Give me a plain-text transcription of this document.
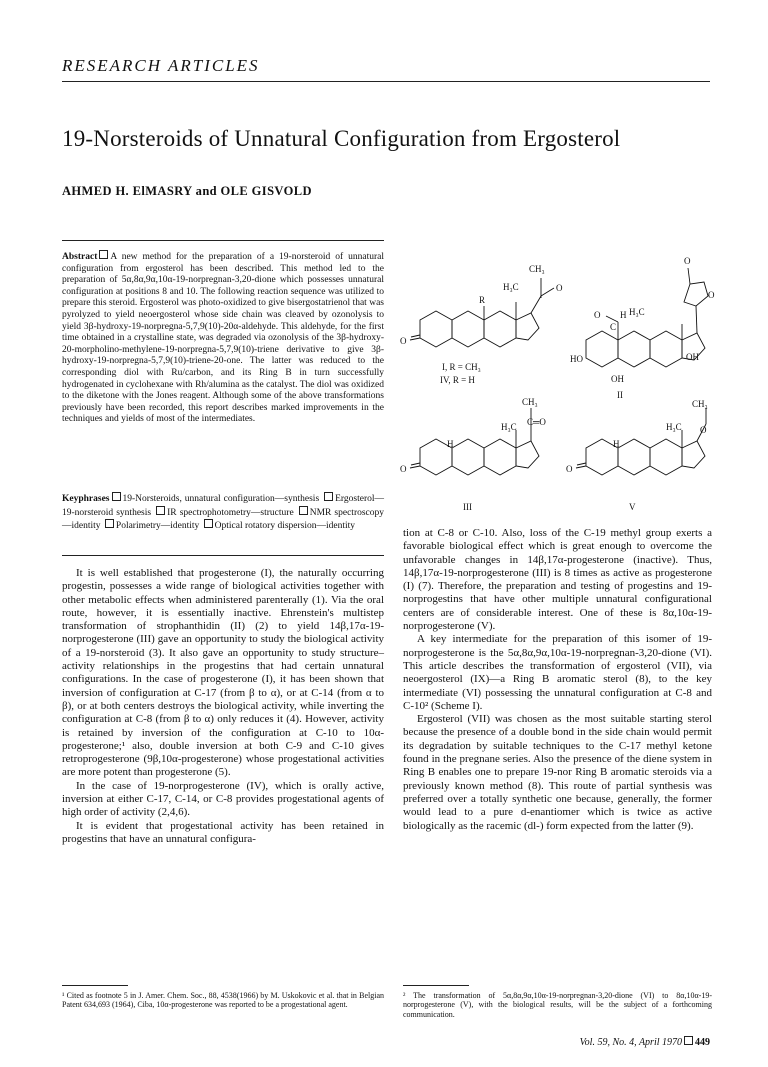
RESEARCH ARTICLES
19-Norsteroids of Unnatural Configuration from Ergosterol
AHMED H. ElMASRY and OLE GISVOLD
Abstract A new method for the preparation of a 19-norsteroid of unnatural configuration from ergosterol has been described. This method led to the preparation of 5α,8α,9α,10α-19-norpregnan-3,20-dione which possesses unnatural configuration at positions 8 and 10. The following reaction sequence was utilized to prepare this steroid. Ergosterol was photo-oxidized to give bisergostatrienol that was pyrolyzed to yield neoergosterol whose side chain was cleaved by ozonolysis to yield 3β-hydroxy-19-norpregna-5,7,9(10)-20α-aldehyde. This aldehyde, for the first time obtained in a crystalline state, was degraded via ozonolysis of the 3β-hydroxy-20-morpholino-methylene-19-norpregna-5,7,9(10)-triene derivative to give 3β-hydroxy-19-norpregna-5,7,9(10)-triene-20-one. The latter was reduced to the corresponding diol with Ru/carbon, and its Ring B in turn successfully hydrogenated in cyclohexane with Rh/alumina as the catalyst. The diol was oxidized to the diketone with the Jones reagent. Although some of the above transformations previously have been recorded, this report describes marked improvements in the techniques and yields of most of the intermediates.
Keyphrases 19-Norsteroids, unnatural configuration—synthesis Ergosterol—19-norsteroid synthesis IR spectrophotometry—structure NMR spectroscopy—identity Polarimetry—identity Optical rotatory dispersion—identity

It is well established that progesterone (I), the naturally occurring progestin, possesses a wide range of biological activities together with other metabolic effects when administered parenterally (1). Via the oral route, however, it is essentially inactive. Ehrenstein's multistep transformation of strophanthidin (II) (2) to yield 14β,17α-19-norprogesterone (III) gave an opportunity to study the biological activity of a 19-norsteroid (3). It also gave an opportunity to study structure–activity relationships in the progestins that had certain unnatural configurations. In the case of progesterone (I), it has been shown that inversion of configuration at C-17 (from β to α), or at C-14 (from α to β), or at both centers destroys the biological activity, while inverting the configuration at C-8 (from β to α) only reduces it (4). However, activity is retained by inversion of the configuration at C-10 to 10α-progesterone;¹ also, double inversion at both C-9 and C-10 gives retroprogesterone (9β,10α-progesterone) whose progestational activities are more potent than progesterone (5).

In the case of 19-norprogesterone (IV), which is orally active, inversion at either C-17, C-14, or C-8 provides progestational agents of high order of activity (2,4,6).

It is evident that progestational activity has been retained in progestins that have an unnatural configura-

CH₃
H₃C	O
R
O
I, R = CH₃
IV, R = H
O
O
O H H₃C
C
HO
OH
OH
II
CH₃
H₃C C═O
H
O
III
CH₃
H₃C O
H
O
V

tion at C-8 or C-10. Also, loss of the C-19 methyl group exerts a favorable biological effect which is great enough to overcome the unfavorable changes in 14β,17α-progesterone (inactive). Thus, 14β,17α-19-norprogesterone (III) is 8 times as active as progesterone (I) (7). Therefore, the preparation and testing of progestins and 19-norprogestins that have other multiple unnatural configurational centers are of considerable interest. One of these is 8α,10α-19-norprogesterone (V).

A key intermediate for the preparation of this isomer of 19-norprogesterone is the 5α,8α,9α,10α-19-norpregnan-3,20-dione (VI). This article describes the transformation of ergosterol (VII), via neoergosterol (IX)—a Ring B aromatic sterol (8), to the key intermediate (VI) possessing the unnatural configuration at C-8 and C-10² (Scheme I).

Ergosterol (VII) was chosen as the most suitable starting sterol because the presence of a double bond in the side chain would permit its degradation by suitable techniques to the C-17 methyl ketone found in the pregnane series. Also the presence of the diene system in Ring B enables one to prepare 19-nor Ring B aromatic steroids via a previously known method (8). This route of partial synthesis was preferred over a totally synthetic one because, generally, the former would lead to a pure d-enantiomer which is twice as active biologically as the racemic (dl-) form expected from the latter (9).

¹ Cited as footnote 5 in J. Amer. Chem. Soc., 88, 4538(1966) by M. Uskokovic et al. that in Belgian Patent 634,693 (1964), Ciba, 10α-progesterone was reported to be a progestational agent.
² The transformation of 5α,8α,9α,10α-19-norpregnan-3,20-dione (VI) to 8α,10α-19-norprogesterone (V), with the biological results, will be the subject of a forthcoming communication.
Vol. 59, No. 4, April 1970 449
